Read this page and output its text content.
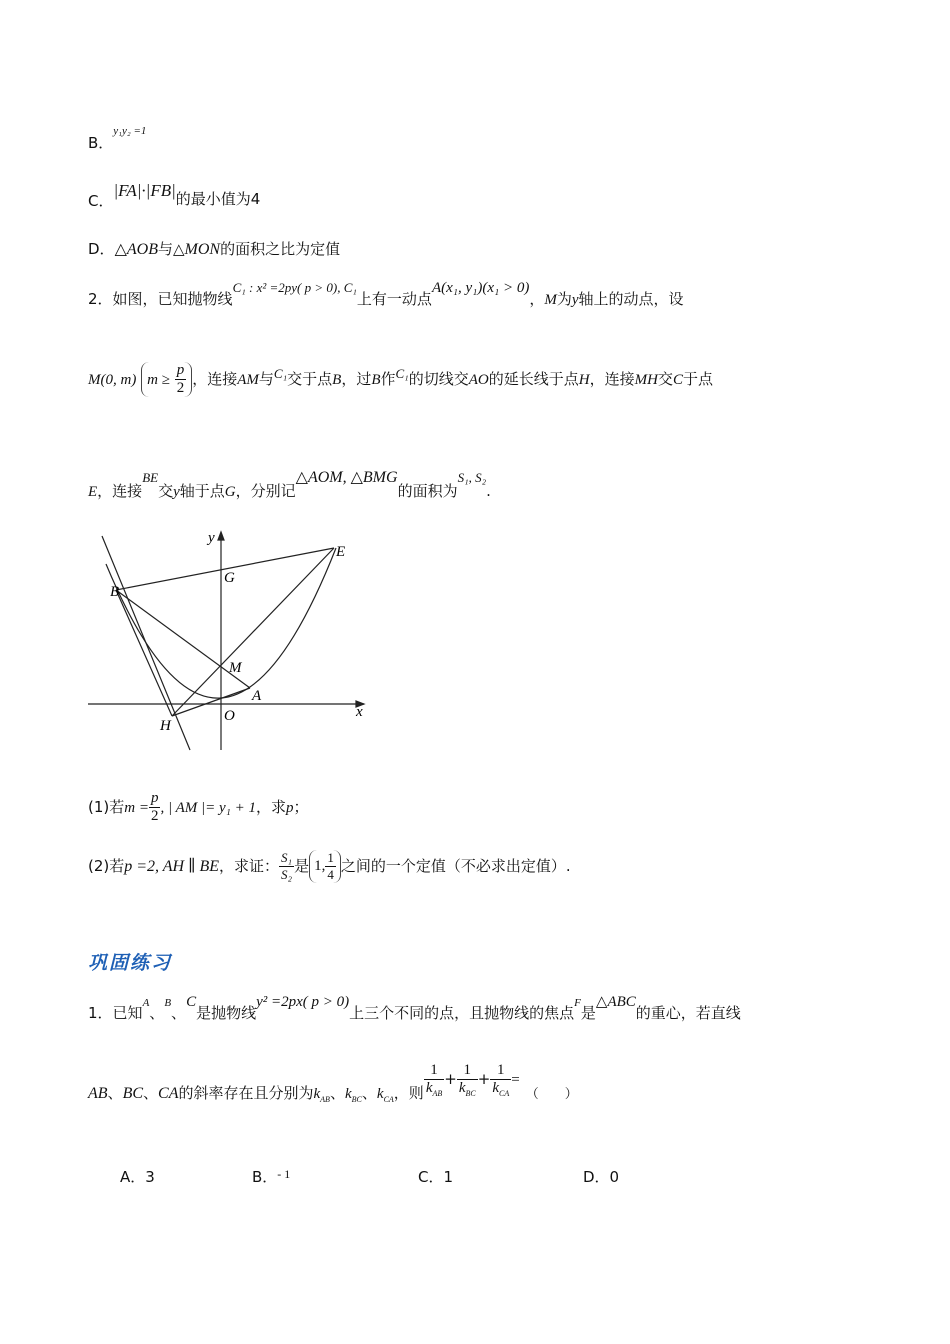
B．y₁y₂ =1
C．|FA|·|FB|的最小值为4
D．△AOB与△MON的面积之比为定值
2．如图，已知抛物线C₁ : x² =2py( p > 0), C₁上有一动点A(x₁, y₁)(x₁ > 0)，M为y轴上的动点，设
M(0, m) $m \ge \frac{p}{2}$ ，连接AM与C₁交于点B，过B作C₁的切线交AO的延长线于点H，连接MH交C于点
E，连接BE交y轴于点G，分别记△AOM, △BMG的面积为S₁, S₂.
y
x
B
G
E
M
A
O
H
(1)若$m = \frac{p}{2}$ , | AM |= y₁ + 1，求p；
(2)若p =2, AH ∥ BE，求证： $\frac{\text{S₁}}{\text{S₂}}$ 是 1, $\frac{1}{4}$ 之间的一个定值（不必求出定值）.
巩固练习
1．已知A、B、C是抛物线y² =2px( p > 0)上三个不同的点，且抛物线的焦点F是△ABC的重心，若直线
AB、BC、CA的斜率存在且分别为$k_{AB}$、$k_{BC}$、$k_{CA}$，则 $\frac{1}{k_{AB}} + \frac{1}{k_{BC}} + \frac{1}{k_{CA}}$ =（　　）
A．3	B．$^{- 1}$	C．1	D．0
